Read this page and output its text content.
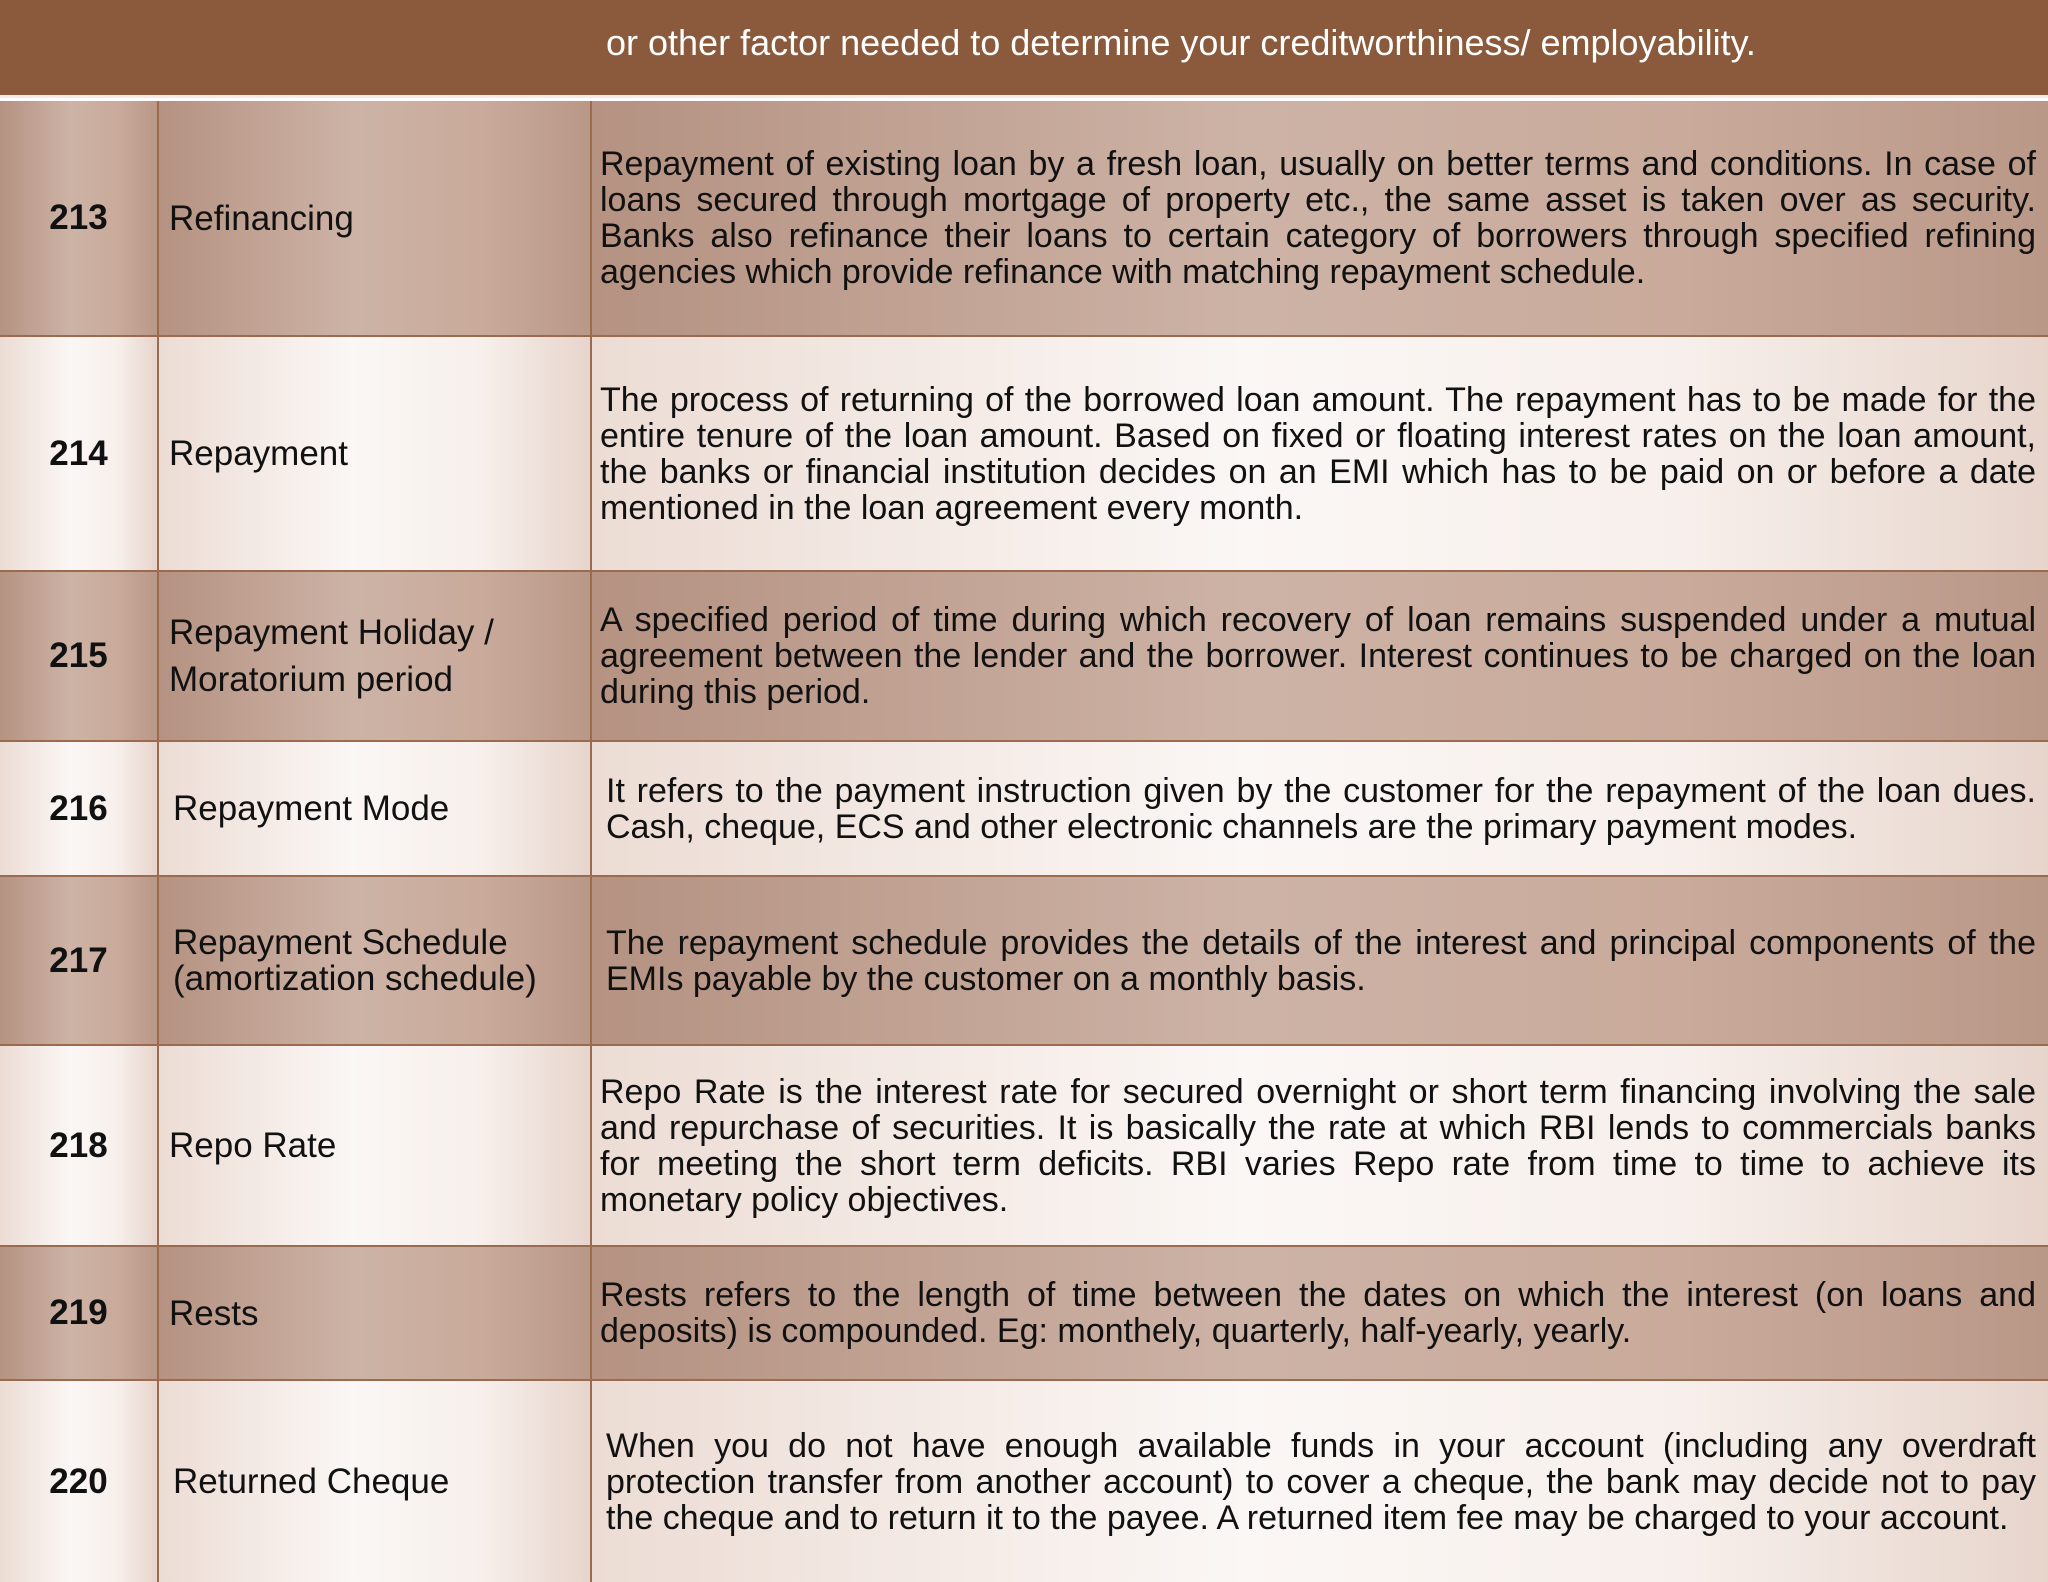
or other factor needed to determine your creditworthiness/ employability.
213	Refinancing	Repayment of existing loan by a fresh loan, usually on better terms and conditions. In case of loans secured through mortgage of property etc., the same asset is taken over as security. Banks also refinance their loans to certain category of borrowers through specified refining agencies which provide refinance with matching repayment schedule.
214	Repayment	The process of returning of the borrowed loan amount. The repayment has to be made for the entire tenure of the loan amount. Based on fixed or floating interest rates on the loan amount, the banks or financial institution decides on an EMI which has to be paid on or before a date mentioned in the loan agreement every month.
215	Repayment Holiday / Moratorium period	A specified period of time during which recovery of loan remains suspended under a mutual agreement between the lender and the borrower. Interest continues to be charged on the loan during this period.
216	Repayment Mode	It refers to the payment instruction given by the customer for the repayment of the loan dues. Cash, cheque, ECS and other electronic channels are the primary payment modes.
217	Repayment Schedule (amortization schedule)	The repayment schedule provides the details of the interest and principal components of the EMIs payable by the customer on a monthly basis.
218	Repo Rate	Repo Rate is the interest rate for secured overnight or short term financing involving the sale and repurchase of securities. It is basically the rate at which RBI lends to commercials banks for meeting the short term deficits. RBI varies Repo rate from time to time to achieve its monetary policy objectives.
219	Rests	Rests refers to the length of time between the dates on which the interest (on loans and deposits) is compounded. Eg: monthely, quarterly, half-yearly, yearly.
220	Returned Cheque	When you do not have enough available funds in your account (including any overdraft protection transfer from another account) to cover a cheque, the bank may decide not to pay the cheque and to return it to the payee. A returned item fee may be charged to your account.
